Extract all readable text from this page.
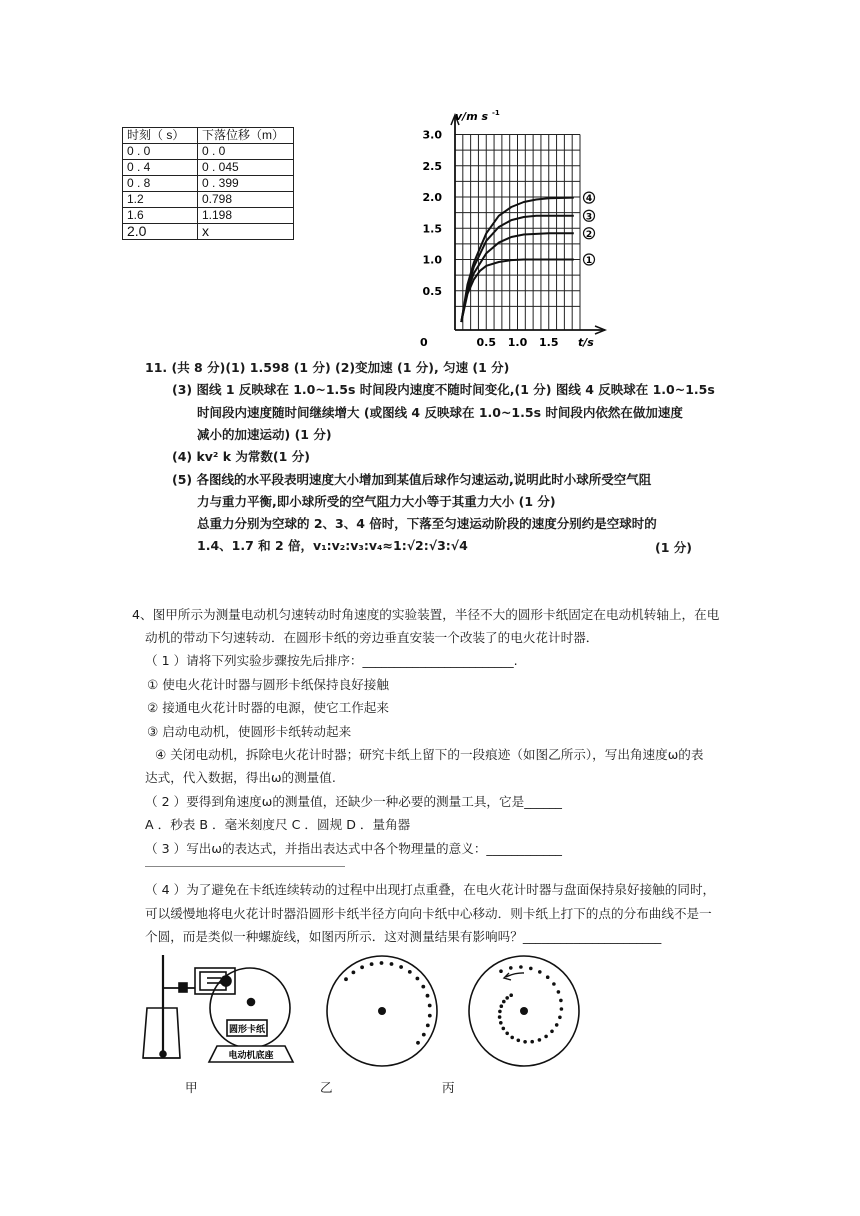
时刻（ s）	下落位移（m）
0 . 0	0 . 0
0 . 4	0 . 045
0 . 8	0 . 399
1.2	0.798
1.6	1.198
2.0	x
1
2
3
4
v/m s -1
0.5
1.0
1.5
2.0
2.5
3.0
0.5 1.0 1.5
0	t/s
11. (共 8 分)(1) 1.598 (1 分) (2)变加速 (1 分), 匀速 (1 分)
(3) 图线 1 反映球在 1.0~1.5s 时间段内速度不随时间变化,(1 分) 图线 4 反映球在 1.0~1.5s
时间段内速度随时间继续增大 (或图线 4 反映球在 1.0~1.5s 时间段内依然在做加速度
减小的加速运动) (1 分)
(4) kv² k 为常数(1 分)
(5) 各图线的水平段表明速度大小增加到某值后球作匀速运动,说明此时小球所受空气阻
力与重力平衡,即小球所受的空气阻力大小等于其重力大小 (1 分)
总重力分别为空球的 2、3、4 倍时，下落至匀速运动阶段的速度分别约是空球时的
1.4、1.7 和 2 倍，v₁:v₂:v₃:v₄≈1:√2:√3:√4	(1 分)
4、图甲所示为测量电动机匀速转动时角速度的实验装置，半径不大的圆形卡纸固定在电动机转轴上，在电
动机的带动下匀速转动．在圆形卡纸的旁边垂直安装一个改装了的电火花计时器．
（ 1 ）请将下列实验步骤按先后排序：________________________.
① 使电火花计时器与圆形卡纸保持良好接触
② 接通电火花计时器的电源，使它工作起来
③ 启动电动机，使圆形卡纸转动起来
④ 关闭电动机，拆除电火花计时器；研究卡纸上留下的一段痕迹（如图乙所示），写出角速度ω的表
达式，代入数据，得出ω的测量值.
（ 2 ）要得到角速度ω的测量值，还缺少一种必要的测量工具，它是______
A ．秒表 B ．毫米刻度尺 C ．圆规 D ．量角器
（ 3 ）写出ω的表达式，并指出表达式中各个物理量的意义：____________
（ 4 ）为了避免在卡纸连续转动的过程中出现打点重叠，在电火花计时器与盘面保持泉好接触的同时，
可以缓慢地将电火花计时器沿圆形卡纸半径方向向卡纸中心移动．则卡纸上打下的点的分布曲线不是一
个圆，而是类似一种螺旋线，如图丙所示．这对测量结果有影响吗？______________________
圆形卡纸
电动机底座
甲	乙	丙
